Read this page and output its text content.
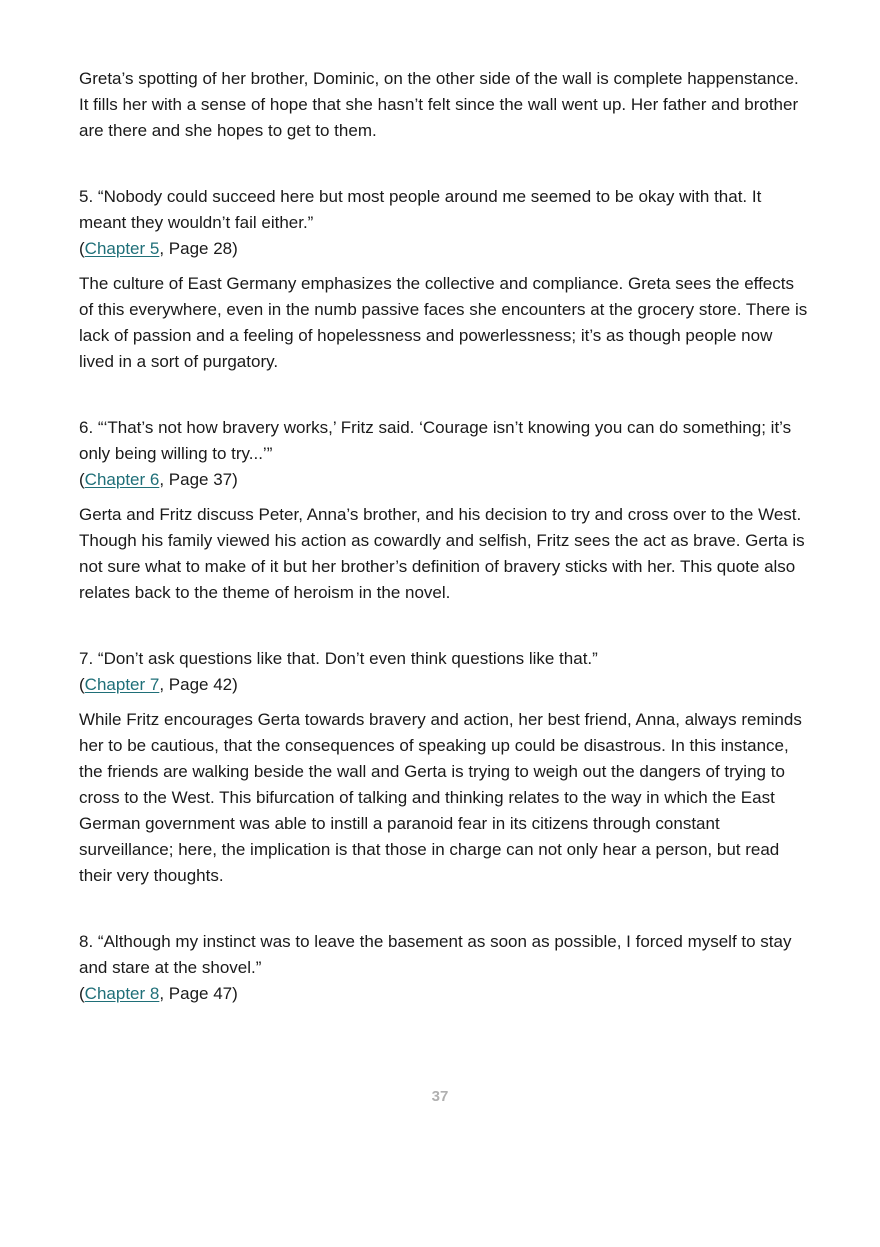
Greta’s spotting of her brother, Dominic, on the other side of the wall is complete happenstance. It fills her with a sense of hope that she hasn’t felt since the wall went up. Her father and brother are there and she hopes to get to them.

5. “Nobody could succeed here but most people around me seemed to be okay with that. It meant they wouldn’t fail either.”

(Chapter 5, Page 28)

The culture of East Germany emphasizes the collective and compliance. Greta sees the effects of this everywhere, even in the numb passive faces she encounters at the grocery store. There is lack of passion and a feeling of hopelessness and powerlessness; it’s as though people now lived in a sort of purgatory.

6. “‘That’s not how bravery works,’ Fritz said. ‘Courage isn’t knowing you can do something; it’s only being willing to try...’”

(Chapter 6, Page 37)

Gerta and Fritz discuss Peter, Anna’s brother, and his decision to try and cross over to the West. Though his family viewed his action as cowardly and selfish, Fritz sees the act as brave. Gerta is not sure what to make of it but her brother’s definition of bravery sticks with her. This quote also relates back to the theme of heroism in the novel.

7. “Don’t ask questions like that. Don’t even think questions like that.”

(Chapter 7, Page 42)

While Fritz encourages Gerta towards bravery and action, her best friend, Anna, always reminds her to be cautious, that the consequences of speaking up could be disastrous. In this instance, the friends are walking beside the wall and Gerta is trying to weigh out the dangers of trying to cross to the West. This bifurcation of talking and thinking relates to the way in which the East German government was able to instill a paranoid fear in its citizens through constant surveillance; here, the implication is that those in charge can not only hear a person, but read their very thoughts.

8. “Although my instinct was to leave the basement as soon as possible, I forced myself to stay and stare at the shovel.”

(Chapter 8, Page 47)

37
